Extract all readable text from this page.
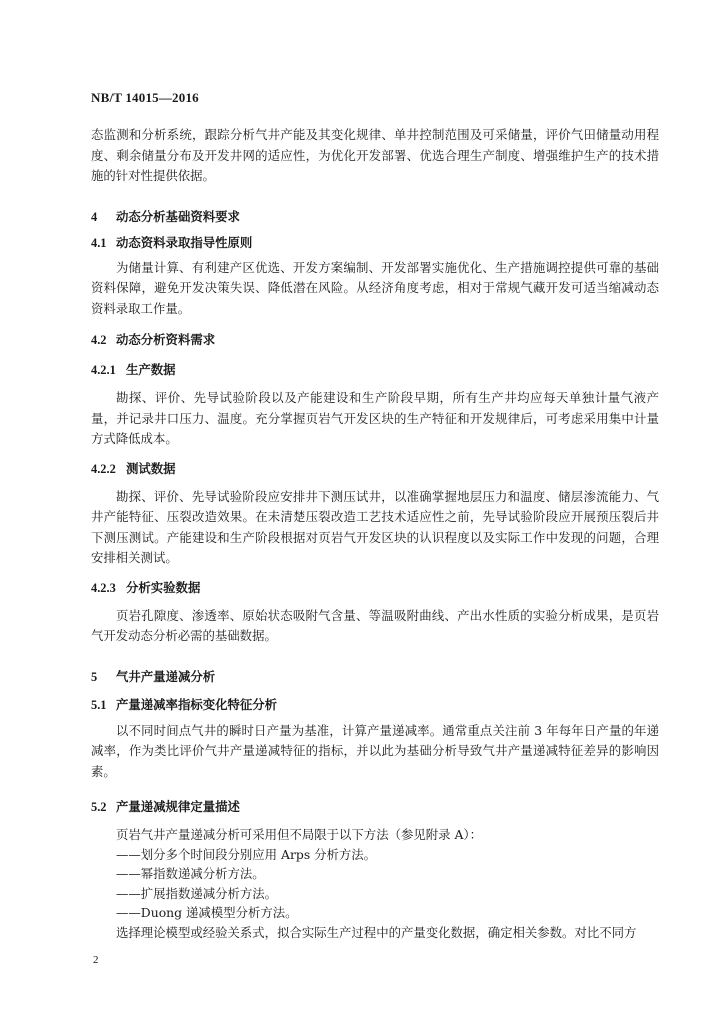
NB/T 14015—2016

态监测和分析系统，跟踪分析气井产能及其变化规律、单井控制范围及可采储量，评价气田储量动用程度、剩余储量分布及开发井网的适应性，为优化开发部署、优选合理生产制度、增强维护生产的技术措施的针对性提供依据。

4 动态分析基础资料要求
4.1 动态资料录取指导性原则

为储量计算、有利建产区优选、开发方案编制、开发部署实施优化、生产措施调控提供可靠的基础资料保障，避免开发决策失误、降低潜在风险。从经济角度考虑，相对于常规气藏开发可适当缩减动态资料录取工作量。

4.2 动态分析资料需求
4.2.1 生产数据

勘探、评价、先导试验阶段以及产能建设和生产阶段早期，所有生产井均应每天单独计量气液产量，并记录井口压力、温度。充分掌握页岩气开发区块的生产特征和开发规律后，可考虑采用集中计量方式降低成本。

4.2.2 测试数据

勘探、评价、先导试验阶段应安排井下测压试井，以准确掌握地层压力和温度、储层渗流能力、气井产能特征、压裂改造效果。在未清楚压裂改造工艺技术适应性之前，先导试验阶段应开展预压裂后井下测压测试。产能建设和生产阶段根据对页岩气开发区块的认识程度以及实际工作中发现的问题，合理安排相关测试。

4.2.3 分析实验数据

页岩孔隙度、渗透率、原始状态吸附气含量、等温吸附曲线、产出水性质的实验分析成果，是页岩气开发动态分析必需的基础数据。

5 气井产量递减分析
5.1 产量递减率指标变化特征分析

以不同时间点气井的瞬时日产量为基准，计算产量递减率。通常重点关注前 3 年每年日产量的年递减率，作为类比评价气井产量递减特征的指标，并以此为基础分析导致气井产量递减特征差异的影响因素。

5.2 产量递减规律定量描述

页岩气井产量递减分析可采用但不局限于以下方法（参见附录 A）：

——划分多个时间段分别应用 Arps 分析方法。

——幂指数递减分析方法。

——扩展指数递减分析方法。

——Duong 递减模型分析方法。

选择理论模型或经验关系式，拟合实际生产过程中的产量变化数据，确定相关参数。对比不同方

2
